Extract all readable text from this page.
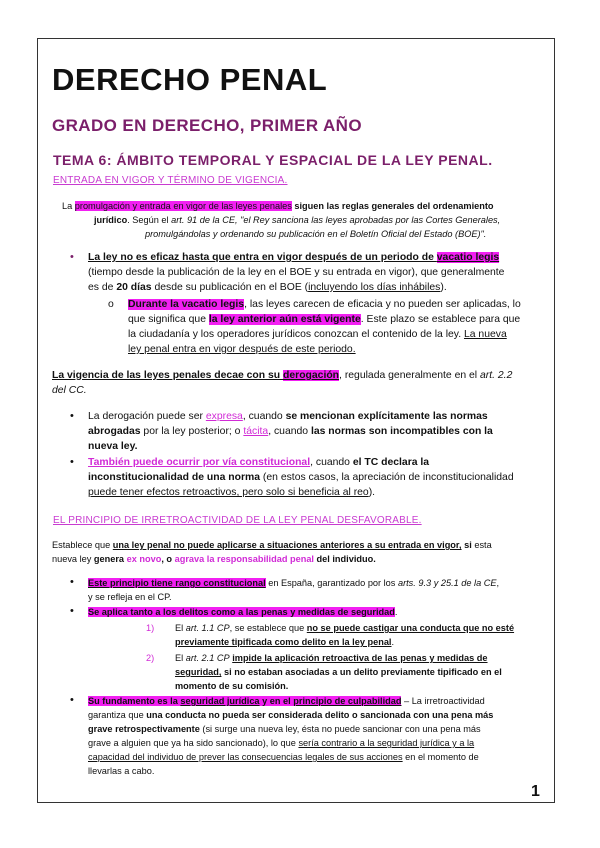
DERECHO PENAL
GRADO EN DERECHO, PRIMER AÑO
TEMA 6: ÁMBITO TEMPORAL Y ESPACIAL DE LA LEY PENAL.
ENTRADA EN VIGOR Y TÉRMINO DE VIGENCIA.
La promulgación y entrada en vigor de las leyes penales siguen las reglas generales del ordenamiento
jurídico. Según el art. 91 de la CE, "el Rey sanciona las leyes aprobadas por las Cortes Generales,
promulgándolas y ordenando su publicación en el Boletín Oficial del Estado (BOE)".
• La ley no es eficaz hasta que entra en vigor después de un periodo de vacatio legis
(tiempo desde la publicación de la ley en el BOE y su entrada en vigor), que generalmente
es de 20 días desde su publicación en el BOE (incluyendo los días inhábiles).
o Durante la vacatio legis, las leyes carecen de eficacia y no pueden ser aplicadas, lo
que significa que la ley anterior aún está vigente. Este plazo se establece para que
la ciudadanía y los operadores jurídicos conozcan el contenido de la ley. La nueva
ley penal entra en vigor después de este periodo.
La vigencia de las leyes penales decae con su derogación, regulada generalmente en el art. 2.2
del CC.
• La derogación puede ser expresa, cuando se mencionan explícitamente las normas
abrogadas por la ley posterior; o tácita, cuando las normas son incompatibles con la
nueva ley.
• También puede ocurrir por vía constitucional, cuando el TC declara la
inconstitucionalidad de una norma (en estos casos, la apreciación de inconstitucionalidad
puede tener efectos retroactivos, pero solo si beneficia al reo).
EL PRINCIPIO DE IRRETROACTIVIDAD DE LA LEY PENAL DESFAVORABLE.
Establece que una ley penal no puede aplicarse a situaciones anteriores a su entrada en vigor, si esta
nueva ley genera ex novo, o agrava la responsabilidad penal del individuo.
• Este principio tiene rango constitucional en España, garantizado por los arts. 9.3 y 25.1 de la CE,
y se refleja en el CP.
• Se aplica tanto a los delitos como a las penas y medidas de seguridad.
1) El art. 1.1 CP, se establece que no se puede castigar una conducta que no esté
previamente tipificada como delito en la ley penal.
2) El art. 2.1 CP impide la aplicación retroactiva de las penas y medidas de
seguridad, si no estaban asociadas a un delito previamente tipificado en el
momento de su comisión.
• Su fundamento es la seguridad jurídica y en el principio de culpabilidad – La irretroactividad
garantiza que una conducta no pueda ser considerada delito o sancionada con una pena más
grave retrospectivamente (si surge una nueva ley, ésta no puede sancionar con una pena más
grave a alguien que ya ha sido sancionado), lo que sería contrario a la seguridad jurídica y a la
capacidad del individuo de prever las consecuencias legales de sus acciones en el momento de
llevarlas a cabo.
1
